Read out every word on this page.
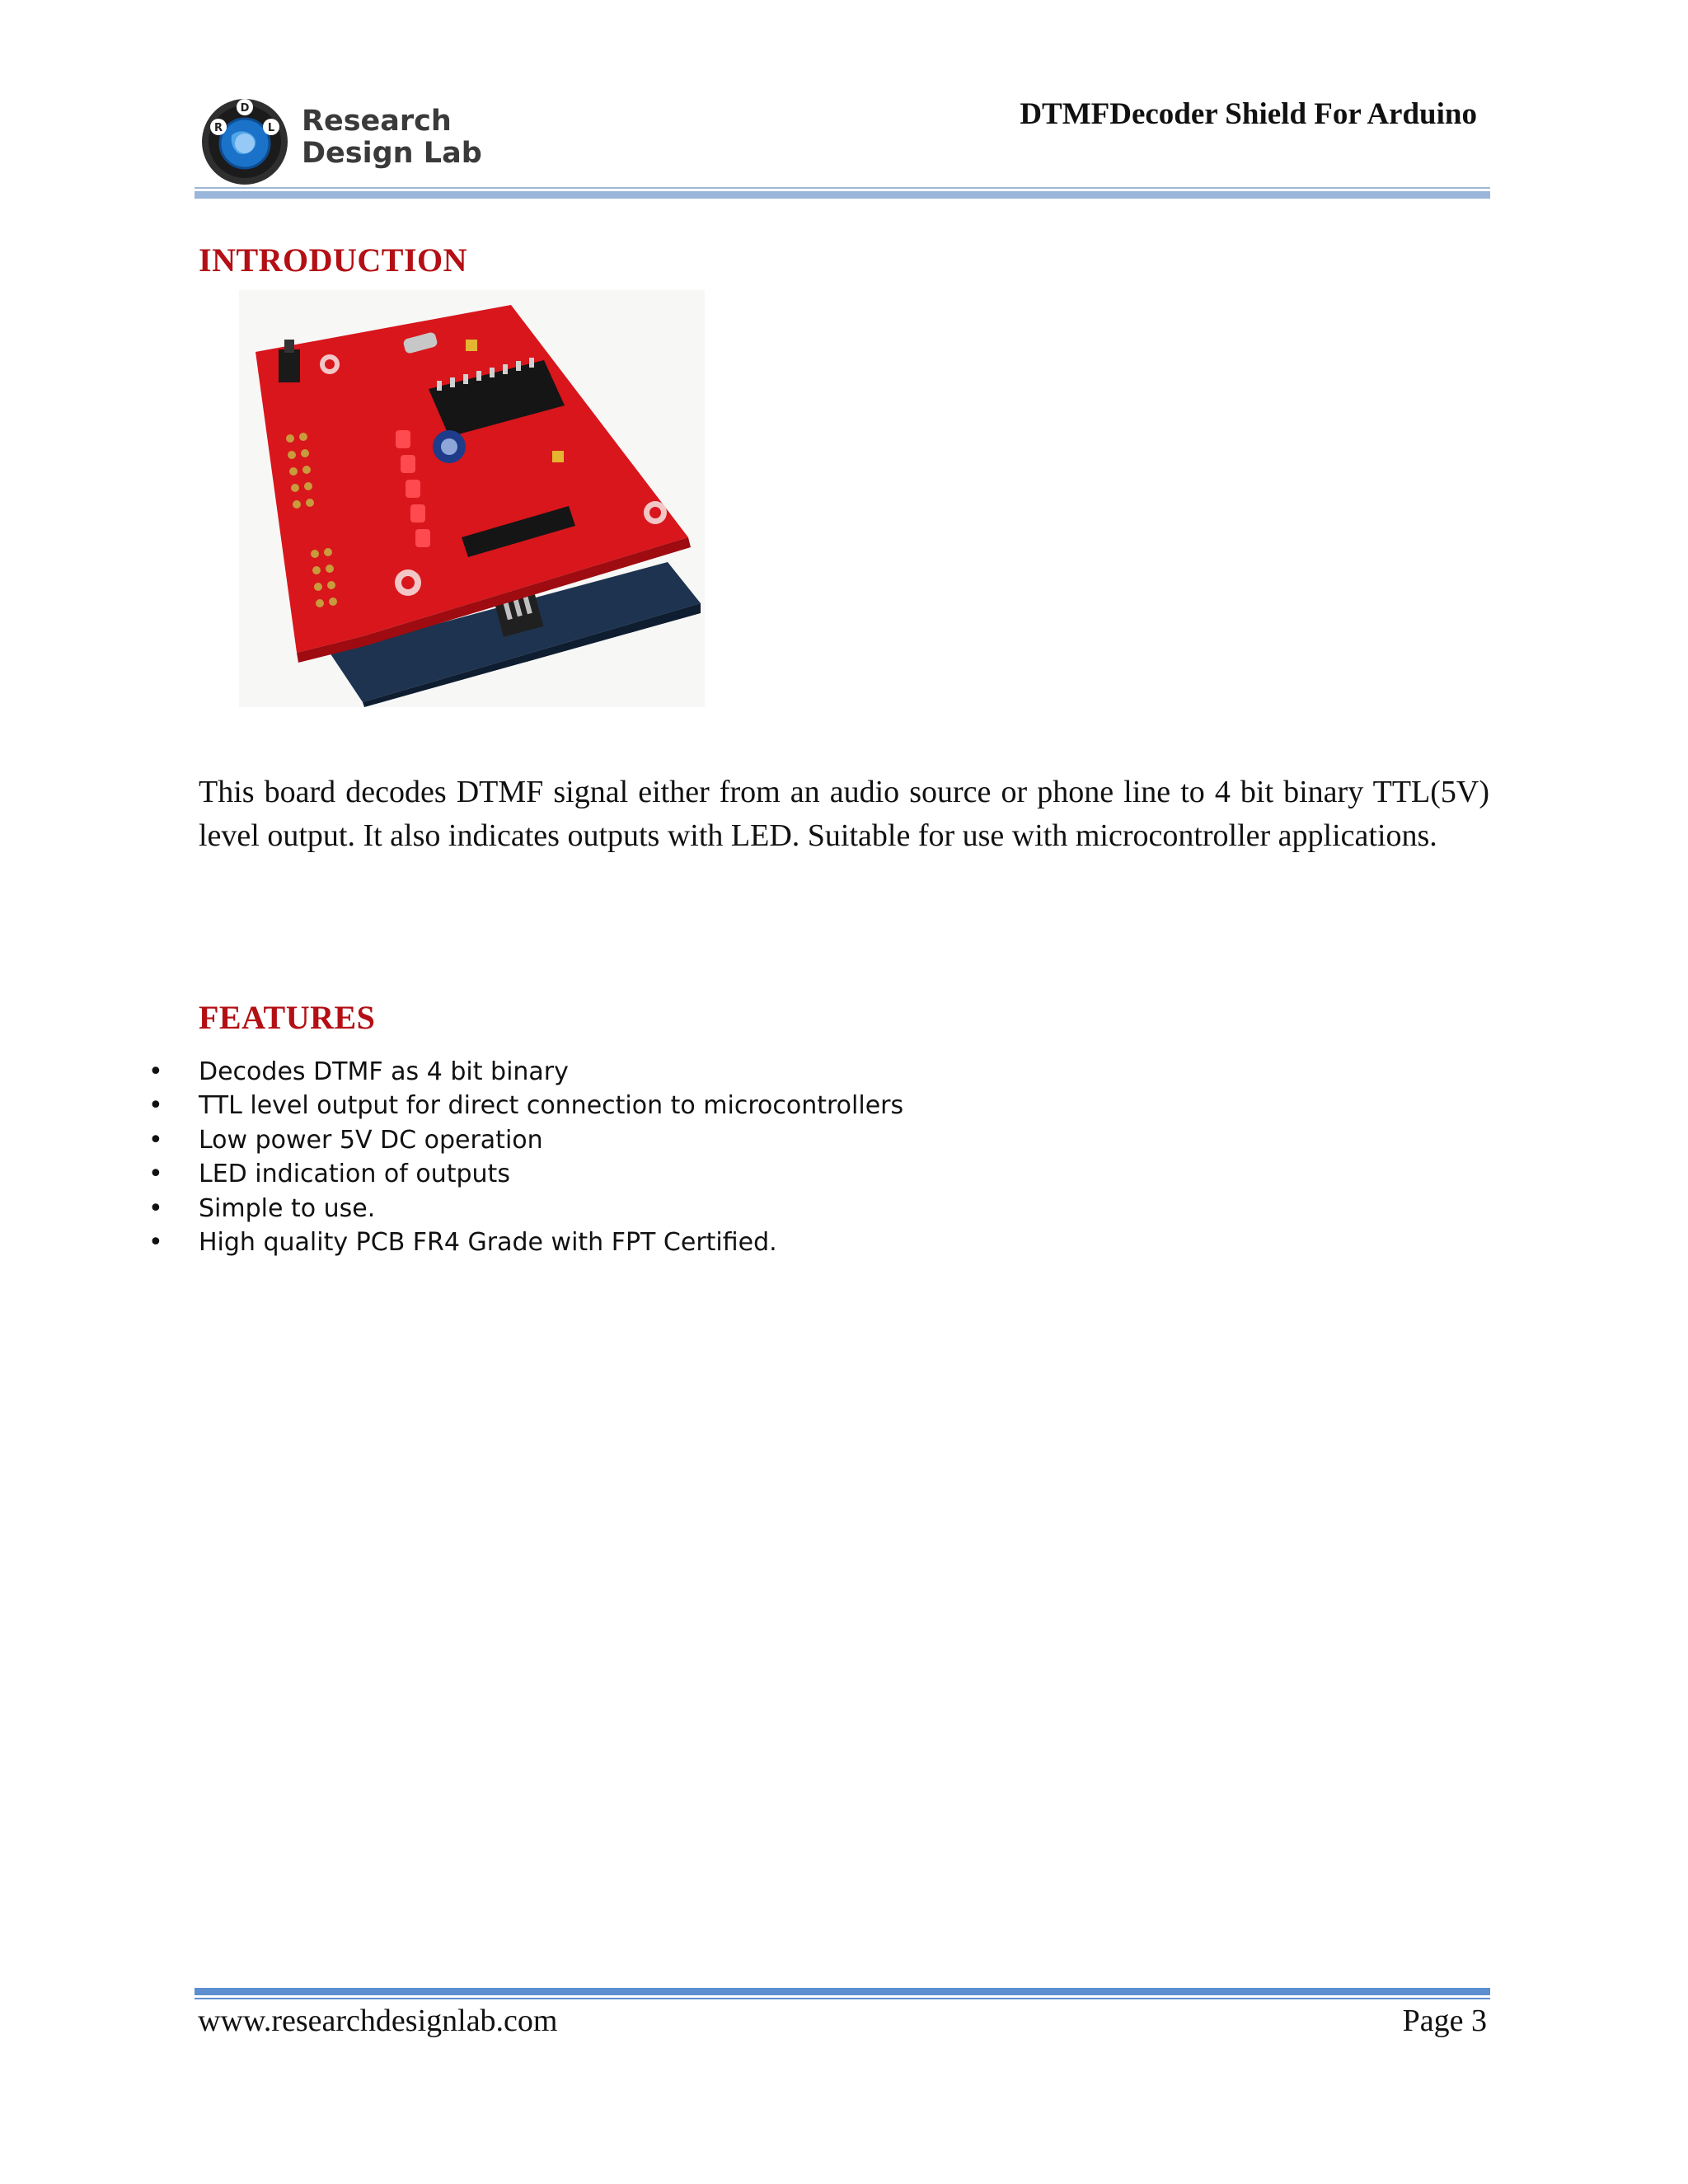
R
D
L Research
Design Lab
DTMFDecoder Shield For Arduino
INTRODUCTION

This board decodes DTMF signal either from an audio source or phone line to 4 bit binary TTL(5V) level output. It also indicates outputs with LED. Suitable for use with microcontroller applications.

FEATURES
•	Decodes DTMF as 4 bit binary
•	TTL level output for direct connection to microcontrollers
•	Low power 5V DC operation
•	LED indication of outputs
•	Simple to use.
•	High quality PCB FR4 Grade with FPT Certified.
www.researchdesignlab.com	Page 3
